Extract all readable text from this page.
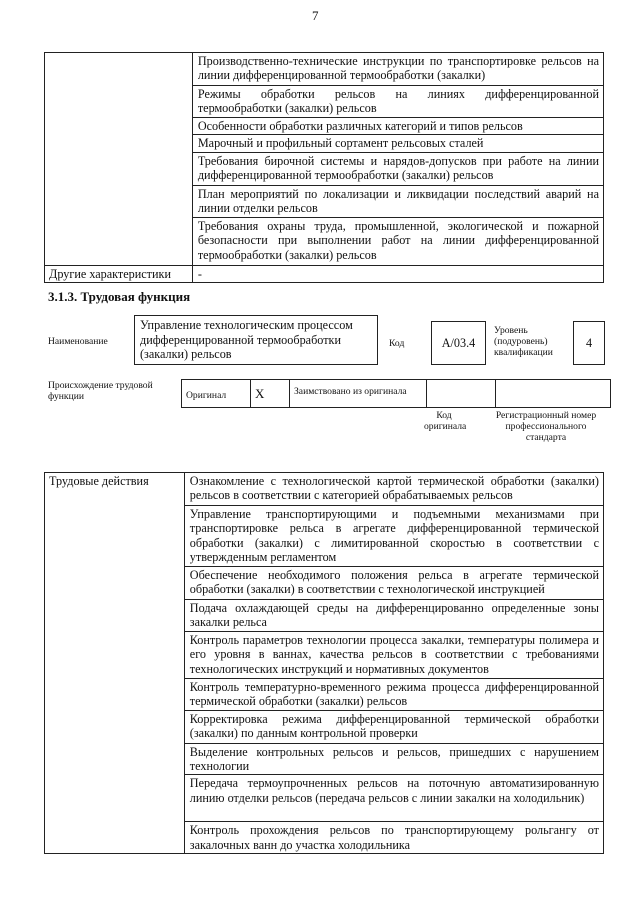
7
	Производственно-технические инструкции по транспортировке рельсов на линии дифференцированной термообработки (закалки)
	Режимы обработки рельсов на линиях дифференцированной термообработки (закалки) рельсов
	Особенности обработки различных категорий и типов рельсов
	Марочный и профильный сортамент рельсовых сталей
	Требования бирочной системы и нарядов-допусков при работе на линии дифференцированной термообработки (закалки) рельсов
	План мероприятий по локализации и ликвидации последствий аварий на линии отделки рельсов
	Требования охраны труда, промышленной, экологической и пожарной безопасности при выполнении работ на линии дифференцированной термообработки (закалки) рельсов
Другие характеристики	-
3.1.3. Трудовая функция
Наименование
Управление технологическим процессом дифференцированной термообработки (закалки) рельсов
Код	А/03.4
Уровень (подуровень) квалификации
4
Происхождение трудовой функции	Оригинал	X	Заимствовано из оригинала		
Код оригинала
Регистрационный номер профессионального стандарта
Трудовые действия	Ознакомление с технологической картой термической обработки (закалки) рельсов в соответствии с категорией обрабатываемых рельсов
Управление транспортирующими и подъемными механизмами при транспортировке рельса в агрегате дифференцированной термической обработки (закалки) с лимитированной скоростью в соответствии с утвержденным регламентом
Обеспечение необходимого положения рельса в агрегате термической обработки (закалки) в соответствии с технологической инструкцией
Подача охлаждающей среды на дифференцированно определенные зоны закалки рельса
Контроль параметров технологии процесса закалки, температуры полимера и его уровня в ваннах, качества рельсов в соответствии с требованиями технологических инструкций и нормативных документов
Контроль температурно-временного режима процесса дифференцированной термической обработки (закалки) рельсов
Корректировка режима дифференцированной термической обработки (закалки) по данным контрольной проверки
Выделение контрольных рельсов и рельсов, пришедших с нарушением технологии
Передача термоупрочненных рельсов на поточную автоматизированную линию отделки рельсов (передача рельсов с линии закалки на холодильник)
Контроль прохождения рельсов по транспортирующему рольгангу от закалочных ванн до участка холодильника
